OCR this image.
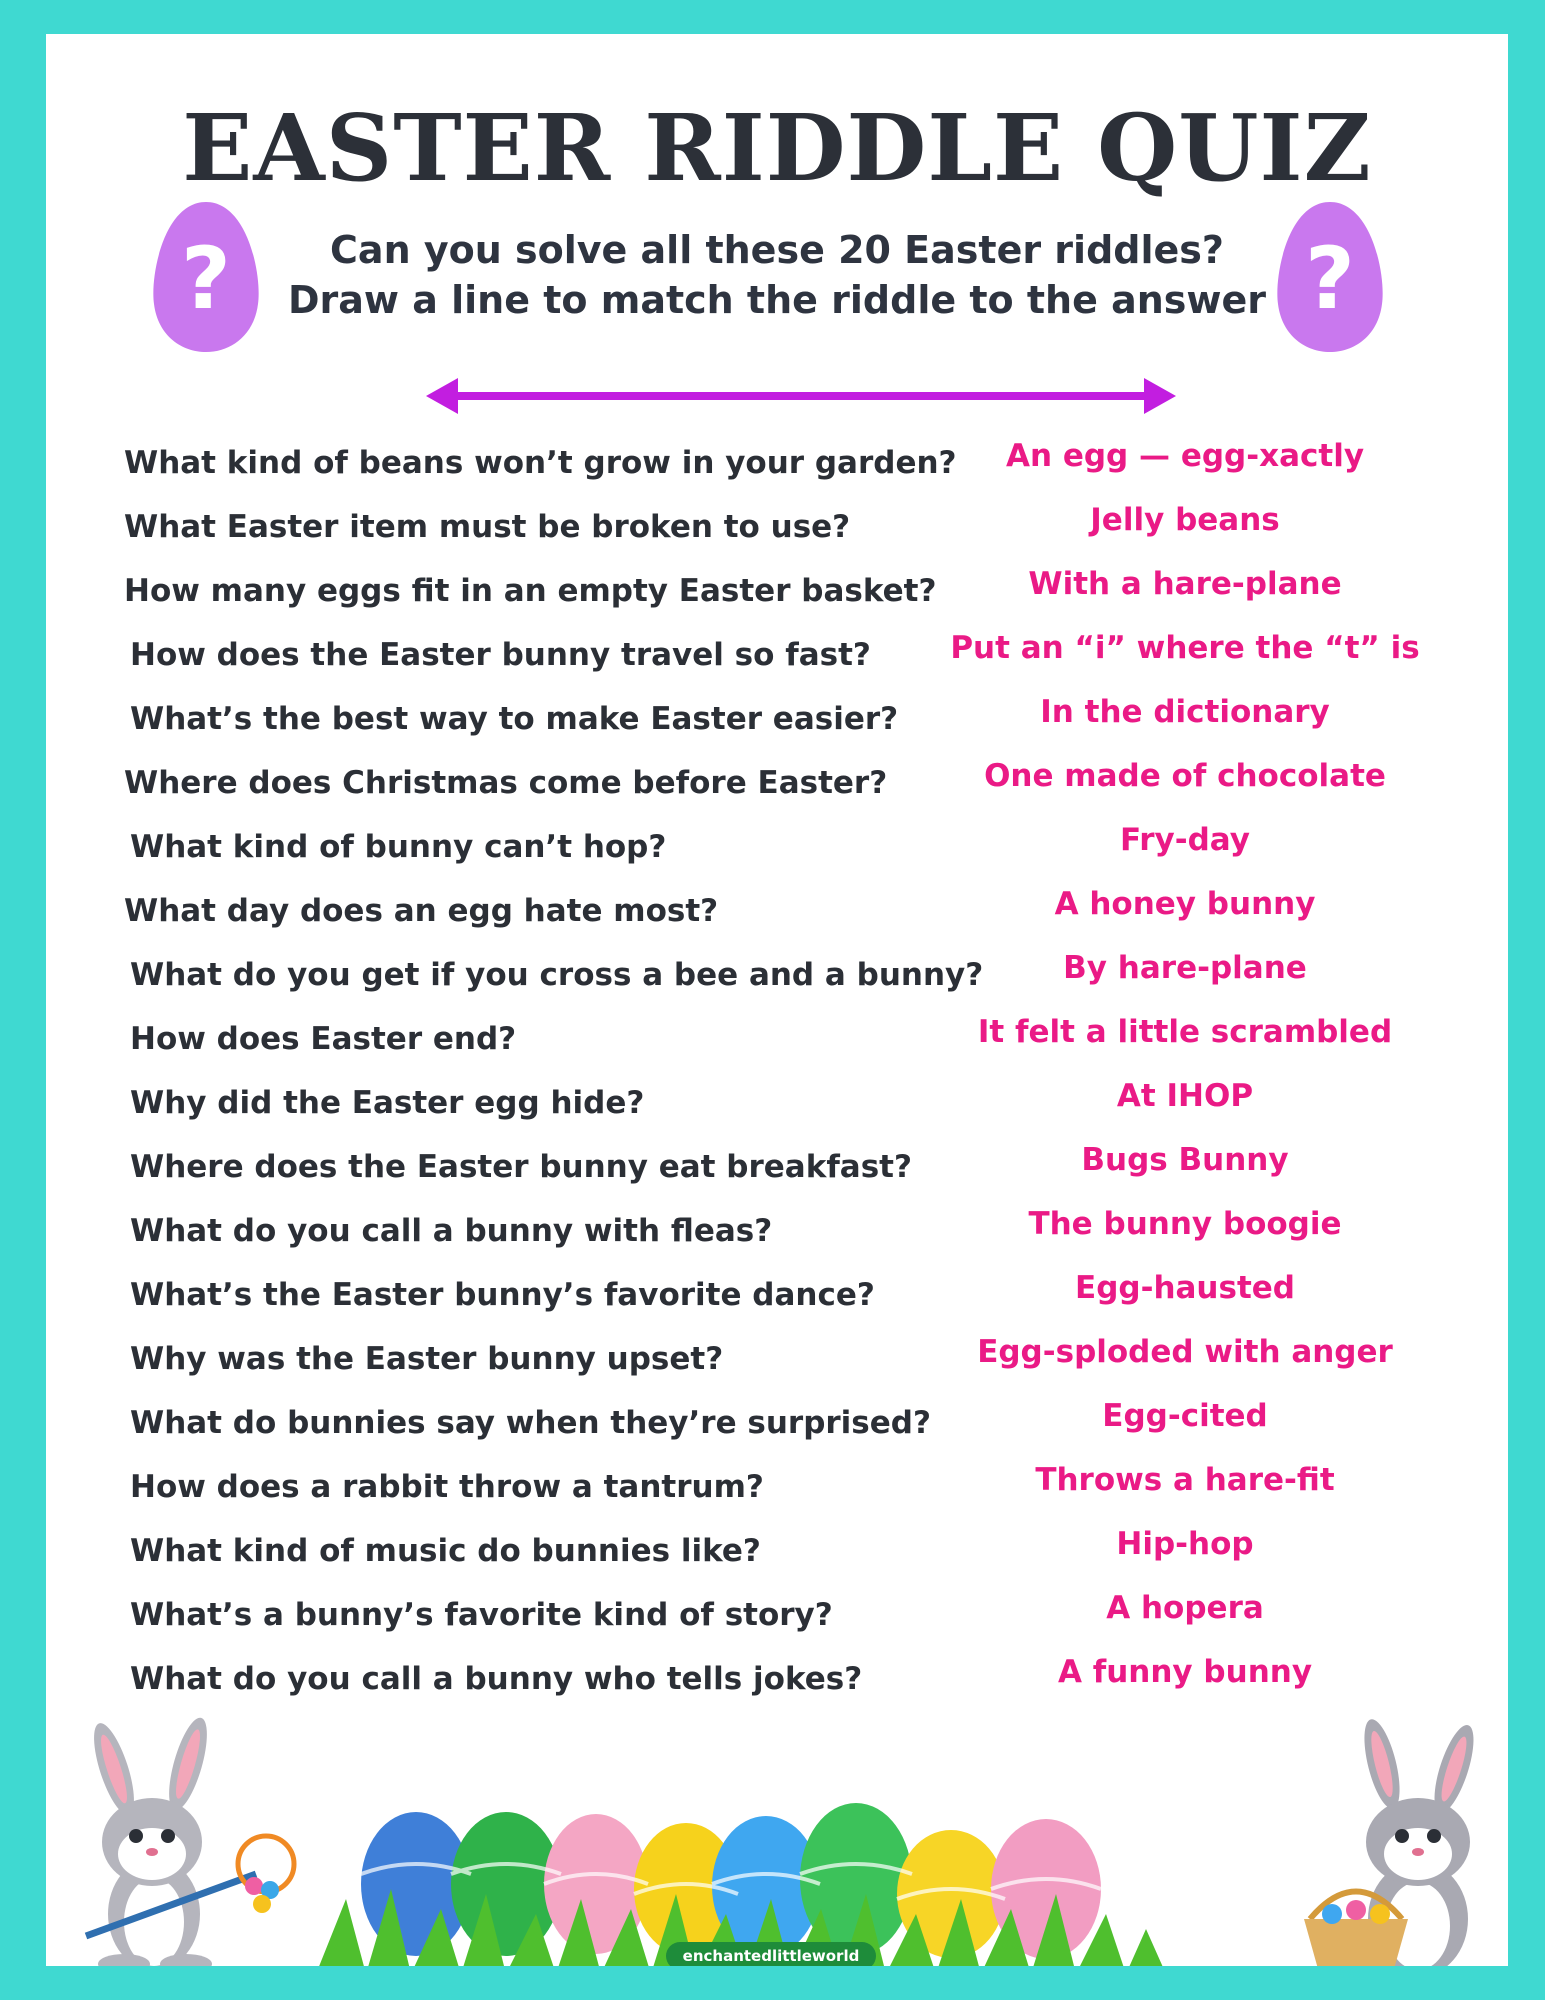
EASTER RIDDLE QUIZ
?	?
Can you solve all these 20 Easter riddles?
Draw a line to match the riddle to the answer
What kind of beans won’t grow in your garden?
What Easter item must be broken to use?
How many eggs fit in an empty Easter basket?
How does the Easter bunny travel so fast?
What’s the best way to make Easter easier?
Where does Christmas come before Easter?
What kind of bunny can’t hop?
What day does an egg hate most?
What do you get if you cross a bee and a bunny?
How does Easter end?
Why did the Easter egg hide?
Where does the Easter bunny eat breakfast?
What do you call a bunny with fleas?
What’s the Easter bunny’s favorite dance?
Why was the Easter bunny upset?
What do bunnies say when they’re surprised?
How does a rabbit throw a tantrum?
What kind of music do bunnies like?
What’s a bunny’s favorite kind of story?
What do you call a bunny who tells jokes?
An egg — egg-xactly
Jelly beans
With a hare-plane
Put an “i” where the “t” is
In the dictionary
One made of chocolate
Fry-day
A honey bunny
By hare-plane
It felt a little scrambled
At IHOP
Bugs Bunny
The bunny boogie
Egg-hausted
Egg-sploded with anger
Egg-cited
Throws a hare-fit
Hip-hop
A hopera
A funny bunny
enchantedlittleworld
